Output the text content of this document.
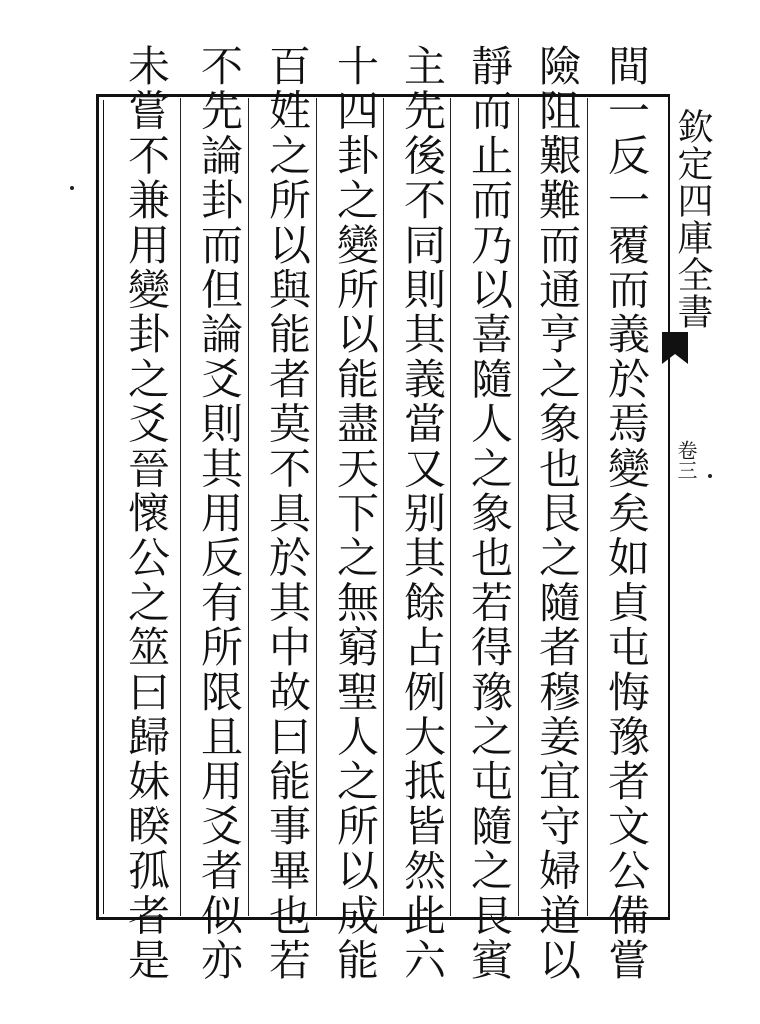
欽定四庫全書
卷三
間一反一覆而義於焉變矣如貞屯悔豫者文公備嘗
險阻艱難而通亨之象也艮之隨者穆姜宜守婦道以
靜而止而乃以喜隨人之象也若得豫之屯隨之艮賓
主先後不同則其義當又别其餘占例大抵皆然此六
十四卦之變所以能盡天下之無窮聖人之所以成能
百姓之所以與能者莫不具於其中故曰能事畢也若
不先論卦而但論爻則其用反有所限且用爻者似亦
未嘗不兼用變卦之爻晉懷公之筮曰歸妹睽孤者是
